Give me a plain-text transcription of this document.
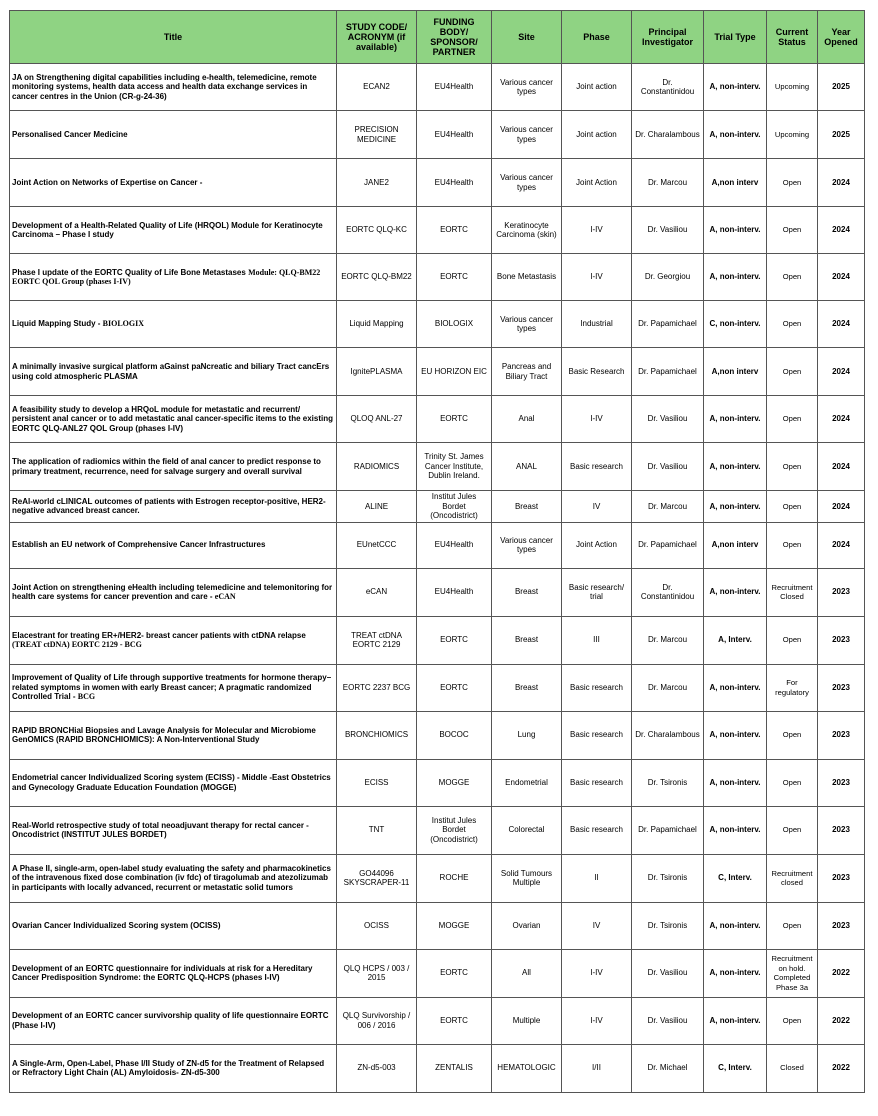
Title	STUDY CODE/ ACRONYM (if available)	FUNDING BODY/ SPONSOR/ PARTNER	Site	Phase	Principal Investigator	Trial Type	Current Status	Year Opened
JA on Strengthening digital capabilities including e-health, telemedicine, remote monitoring systems, health data access and health data exchange services in cancer centres in the Union (CR-g-24-36)	ECAN2	EU4Health	Various cancer types	Joint action	Dr. Constantinidou	A, non-interv.	Upcoming	2025
Personalised Cancer Medicine	PRECISION MEDICINE	EU4Health	Various cancer types	Joint action	Dr. Charalambous	A, non-interv.	Upcoming	2025
Joint Action on Networks of Expertise on Cancer -	JANE2	EU4Health	Various cancer types	Joint Action	Dr. Marcou	A,non interv	Open	2024
Development of a Health-Related Quality of Life (HRQOL) Module for Keratinocyte Carcinoma – Phase I study	EORTC QLQ-KC	EORTC	Keratinocyte Carcinoma (skin)	I-IV	Dr. Vasiliou	A, non-interv.	Open	2024
Phase I update of the EORTC Quality of Life Bone Metastases Module: QLQ-BM22 EORTC QOL Group (phases I-IV)	EORTC QLQ-BM22	EORTC	Bone Metastasis	I-IV	Dr. Georgiou	A, non-interv.	Open	2024
Liquid Mapping Study - BIOLOGIX	Liquid Mapping	BIOLOGIX	Various cancer types	Industrial	Dr. Papamichael	C, non-interv.	Open	2024
A minimally invasive surgical platform aGainst paNcreatic and biliary Tract cancErs using cold atmospheric PLASMA	IgnitePLASMA	EU HORIZON EIC	Pancreas and Biliary Tract	Basic Research	Dr. Papamichael	A,non interv	Open	2024
A feasibility study to develop a HRQoL module for metastatic and recurrent/ persistent anal cancer or to add metastatic anal cancer-specific items to the existing EORTC QLQ-ANL27 QOL Group (phases I-IV)	QLOQ ANL-27	EORTC	Anal	I-IV	Dr. Vasiliou	A, non-interv.	Open	2024
The application of radiomics within the field of anal cancer to predict response to primary treatment, recurrence, need for salvage surgery and overall survival	RADIOMICS	Trinity St. James Cancer Institute, Dublin Ireland.	ANAL	Basic research	Dr. Vasiliou	A, non-interv.	Open	2024
ReAl-world cLINICAL outcomes of patients with Estrogen receptor-positive, HER2-negative advanced breast cancer.	ALINE	Institut Jules Bordet (Oncodistrict)	Breast	IV	Dr. Marcou	A, non-interv.	Open	2024
Establish an EU network of Comprehensive Cancer Infrastructures	EUnetCCC	EU4Health	Various cancer types	Joint Action	Dr. Papamichael	A,non interv	Open	2024
Joint Action on strengthening eHealth including telemedicine and telemonitoring for health care systems for cancer prevention and care - eCAN	eCAN	EU4Health	Breast	Basic research/ trial	Dr. Constantinidou	A, non-interv.	Recruitment Closed	2023
Elacestrant for treating ER+/HER2- breast cancer patients with ctDNA relapse (TREAT ctDNA) EORTC 2129 - BCG	TREAT ctDNA EORTC 2129	EORTC	Breast	III	Dr. Marcou	A, Interv.	Open	2023
Improvement of Quality of Life through supportive treatments for hormone therapy–related symptoms in women with early Breast cancer; A pragmatic randomized Controlled Trial - BCG	EORTC 2237 BCG	EORTC	Breast	Basic research	Dr. Marcou	A, non-interv.	For regulatory	2023
RAPID BRONCHial Biopsies and Lavage Analysis for Molecular and Microbiome GenOMICS (RAPID BRONCHIOMICS): A Non-Interventional Study	BRONCHIOMICS	BOCOC	Lung	Basic research	Dr. Charalambous	A, non-interv.	Open	2023
Endometrial cancer Individualized Scoring system (ECISS) - Middle -East Obstetrics and Gynecology Graduate Education Foundation (MOGGE)	ECISS	MOGGE	Endometrial	Basic research	Dr. Tsironis	A, non-interv.	Open	2023
Real-World retrospective study of total neoadjuvant therapy for rectal cancer - Oncodistrict (INSTITUT JULES BORDET)	TNT	Institut Jules Bordet (Oncodistrict)	Colorectal	Basic research	Dr. Papamichael	A, non-interv.	Open	2023
A Phase II, single-arm, open-label study evaluating the safety and pharmacokinetics of the intravenous fixed dose combination (iv fdc) of tiragolumab and atezolizumab in participants with locally advanced, recurrent or metastatic solid tumors	GO44096 SKYSCRAPER-11	ROCHE	Solid Tumours Multiple	II	Dr. Tsironis	C, Interv.	Recruitment closed	2023
Ovarian Cancer Individualized Scoring system (OCISS)	OCISS	MOGGE	Ovarian	IV	Dr. Tsironis	A, non-interv.	Open	2023
Development of an EORTC questionnaire for individuals at risk for a Hereditary Cancer Predisposition Syndrome: the EORTC QLQ-HCPS (phases I-IV)	QLQ HCPS / 003 / 2015	EORTC	All	I-IV	Dr. Vasiliou	A, non-interv.	Recruitment on hold. Completed Phase 3a	2022
Development of an EORTC cancer survivorship quality of life questionnaire EORTC (Phase I-IV)	QLQ Survivorship / 006 / 2016	EORTC	Multiple	I-IV	Dr. Vasiliou	A, non-interv.	Open	2022
A Single-Arm, Open-Label, Phase I/II Study of ZN-d5 for the Treatment of Relapsed or Refractory Light Chain (AL) Amyloidosis- ZN-d5-300	ZN-d5-003	ZENTALIS	HEMATOLOGIC	I/II	Dr. Michael	C, Interv.	Closed	2022
